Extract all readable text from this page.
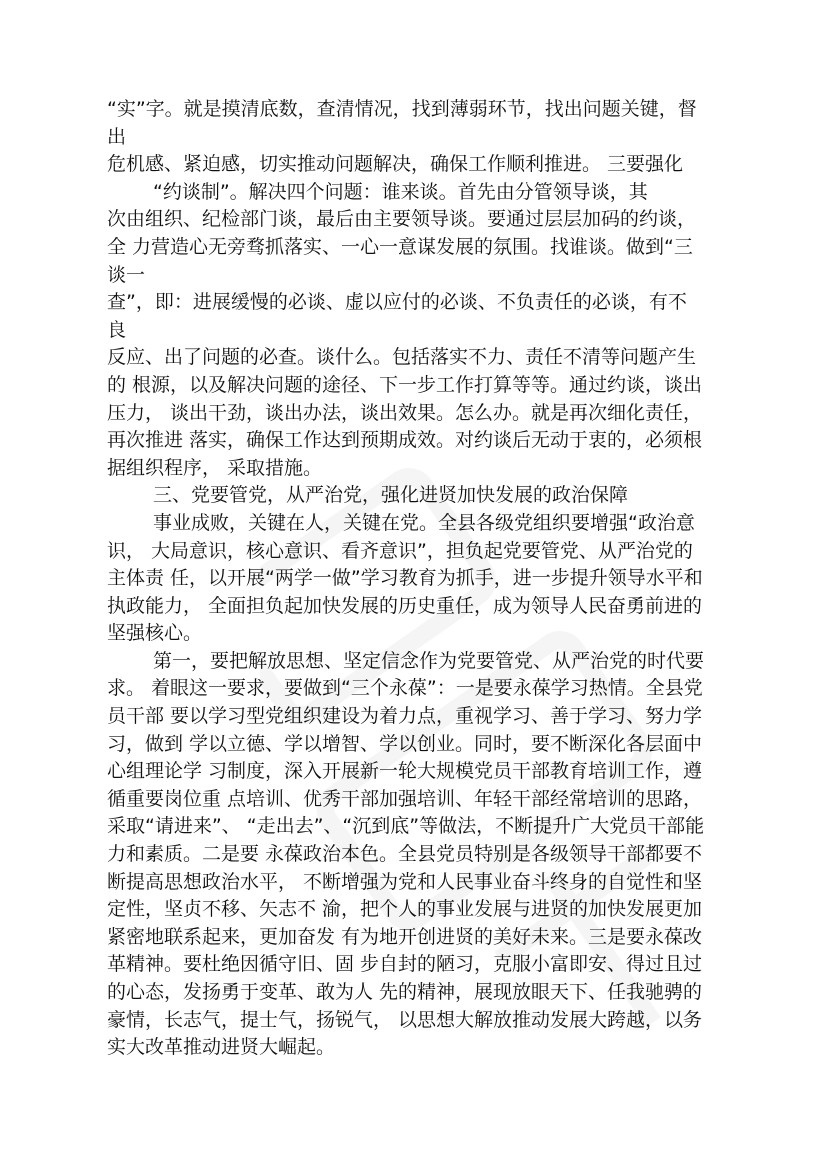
“实”字。就是摸清底数，查清情况，找到薄弱环节，找出问题关键，督
出
危机感、紧迫感，切实推动问题解决，确保工作顺利推进。 三要强化
“约谈制”。解决四个问题：谁来谈。首先由分管领导谈，其
次由组织、纪检部门谈，最后由主要领导谈。要通过层层加码的约谈，
全 力营造心无旁骛抓落实、一心一意谋发展的氛围。找谁谈。做到“三
谈一
查”，即：进展缓慢的必谈、虚以应付的必谈、不负责任的必谈，有不
良
反应、出了问题的必查。谈什么。包括落实不力、责任不清等问题产生
的 根源，以及解决问题的途径、下一步工作打算等等。通过约谈，谈出
压力， 谈出干劲，谈出办法，谈出效果。怎么办。就是再次细化责任，
再次推进 落实，确保工作达到预期成效。对约谈后无动于衷的，必须根
据组织程序， 采取措施。
三、党要管党，从严治党，强化进贤加快发展的政治保障
事业成败，关键在人，关键在党。全县各级党组织要增强“政治意
识， 大局意识，核心意识、看齐意识”，担负起党要管党、从严治党的
主体责 任，以开展“两学一做”学习教育为抓手，进一步提升领导水平和
执政能力， 全面担负起加快发展的历史重任，成为领导人民奋勇前进的
坚强核心。
第一，要把解放思想、坚定信念作为党要管党、从严治党的时代要
求。 着眼这一要求，要做到“三个永葆”：一是要永葆学习热情。全县党
员干部 要以学习型党组织建设为着力点，重视学习、善于学习、努力学
习，做到 学以立德、学以增智、学以创业。同时，要不断深化各层面中
心组理论学 习制度，深入开展新一轮大规模党员干部教育培训工作，遵
循重要岗位重 点培训、优秀干部加强培训、年轻干部经常培训的思路，
采取“请进来”、 “走出去”、“沉到底”等做法，不断提升广大党员干部能
力和素质。二是要 永葆政治本色。全县党员特别是各级领导干部都要不
断提高思想政治水平， 不断增强为党和人民事业奋斗终身的自觉性和坚
定性，坚贞不移、矢志不 渝，把个人的事业发展与进贤的加快发展更加
紧密地联系起来，更加奋发 有为地开创进贤的美好未来。三是要永葆改
革精神。要杜绝因循守旧、固 步自封的陋习，克服小富即安、得过且过
的心态，发扬勇于变革、敢为人 先的精神，展现放眼天下、任我驰骋的
豪情，长志气，提士气，扬锐气， 以思想大解放推动发展大跨越，以务
实大改革推动进贤大崛起。
